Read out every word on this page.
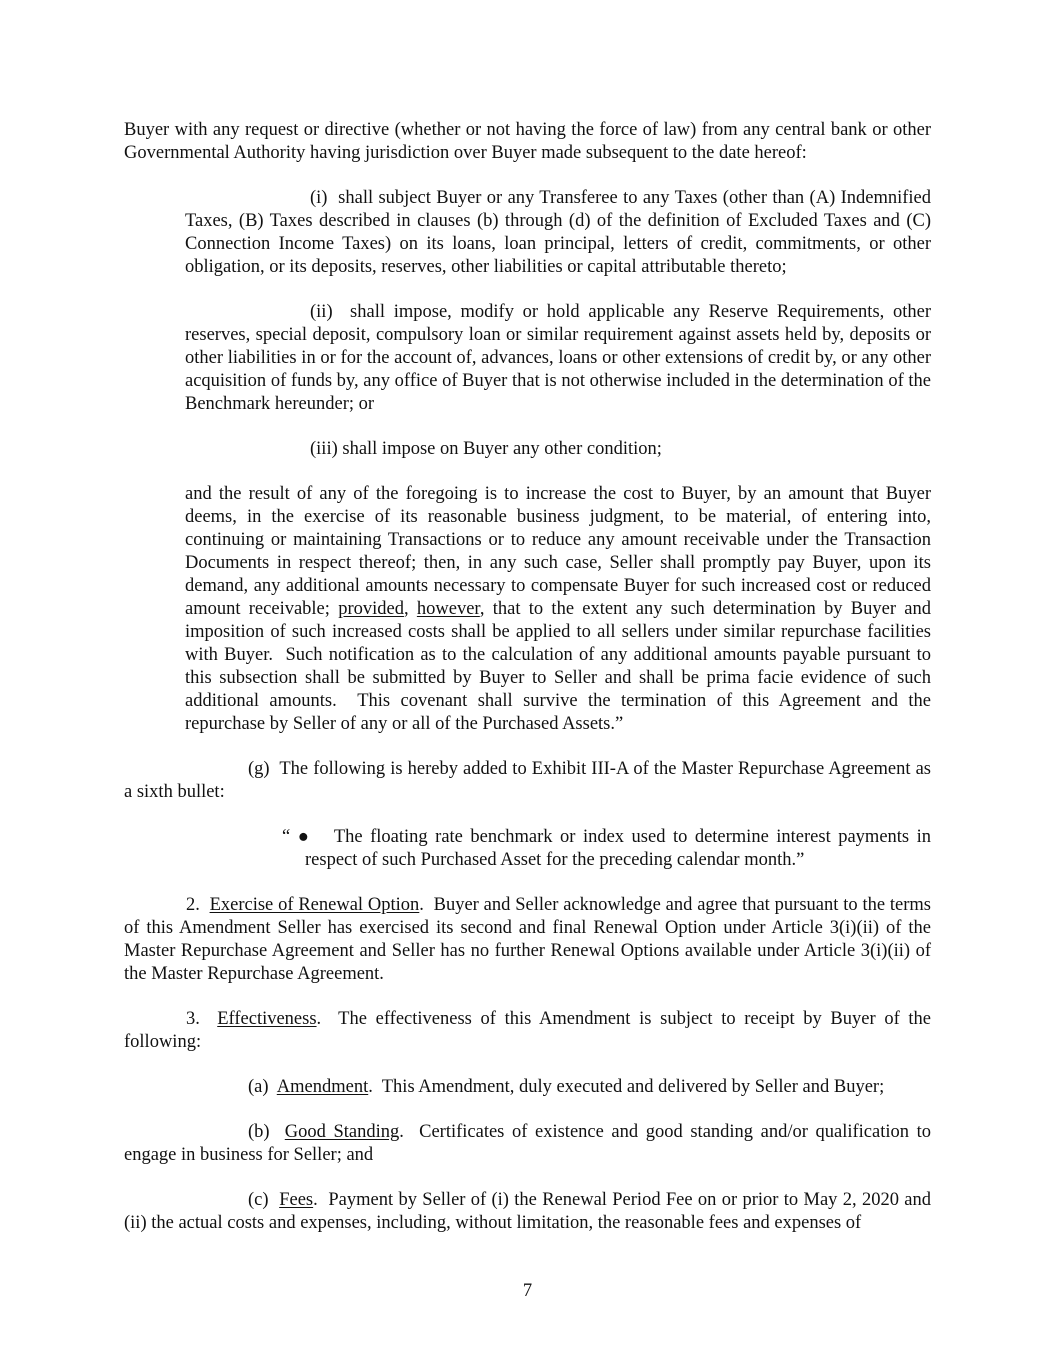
Buyer with any request or directive (whether or not having the force of law) from any central bank or other Governmental Authority having jurisdiction over Buyer made subsequent to the date hereof:

(i)  shall subject Buyer or any Transferee to any Taxes (other than (A) Indemnified Taxes, (B) Taxes described in clauses (b) through (d) of the definition of Excluded Taxes and (C) Connection Income Taxes) on its loans, loan principal, letters of credit, commitments, or other obligation, or its deposits, reserves, other liabilities or capital attributable thereto;

(ii)  shall impose, modify or hold applicable any Reserve Requirements, other reserves, special deposit, compulsory loan or similar requirement against assets held by, deposits or other liabilities in or for the account of, advances, loans or other extensions of credit by, or any other acquisition of funds by, any office of Buyer that is not otherwise included in the determination of the Benchmark hereunder; or

(iii) shall impose on Buyer any other condition;

and the result of any of the foregoing is to increase the cost to Buyer, by an amount that Buyer deems, in the exercise of its reasonable business judgment, to be material, of entering into, continuing or maintaining Transactions or to reduce any amount receivable under the Transaction Documents in respect thereof; then, in any such case, Seller shall promptly pay Buyer, upon its demand, any additional amounts necessary to compensate Buyer for such increased cost or reduced amount receivable; provided, however, that to the extent any such determination by Buyer and imposition of such increased costs shall be applied to all sellers under similar repurchase facilities with Buyer.  Such notification as to the calculation of any additional amounts payable pursuant to this subsection shall be submitted by Buyer to Seller and shall be prima facie evidence of such additional amounts.  This covenant shall survive the termination of this Agreement and the repurchase by Seller of any or all of the Purchased Assets.”

(g)  The following is hereby added to Exhibit III-A of the Master Repurchase Agreement as a sixth bullet:

“ ●   The floating rate benchmark or index used to determine interest payments in respect of such Purchased Asset for the preceding calendar month.”

2.  Exercise of Renewal Option.  Buyer and Seller acknowledge and agree that pursuant to the terms of this Amendment Seller has exercised its second and final Renewal Option under Article 3(i)(ii) of the Master Repurchase Agreement and Seller has no further Renewal Options available under Article 3(i)(ii) of the Master Repurchase Agreement.

3.  Effectiveness.  The effectiveness of this Amendment is subject to receipt by Buyer of the following:

(a)  Amendment.  This Amendment, duly executed and delivered by Seller and Buyer;

(b)  Good Standing.  Certificates of existence and good standing and/or qualification to engage in business for Seller; and

(c)  Fees.  Payment by Seller of (i) the Renewal Period Fee on or prior to May 2, 2020 and (ii) the actual costs and expenses, including, without limitation, the reasonable fees and expenses of

7
